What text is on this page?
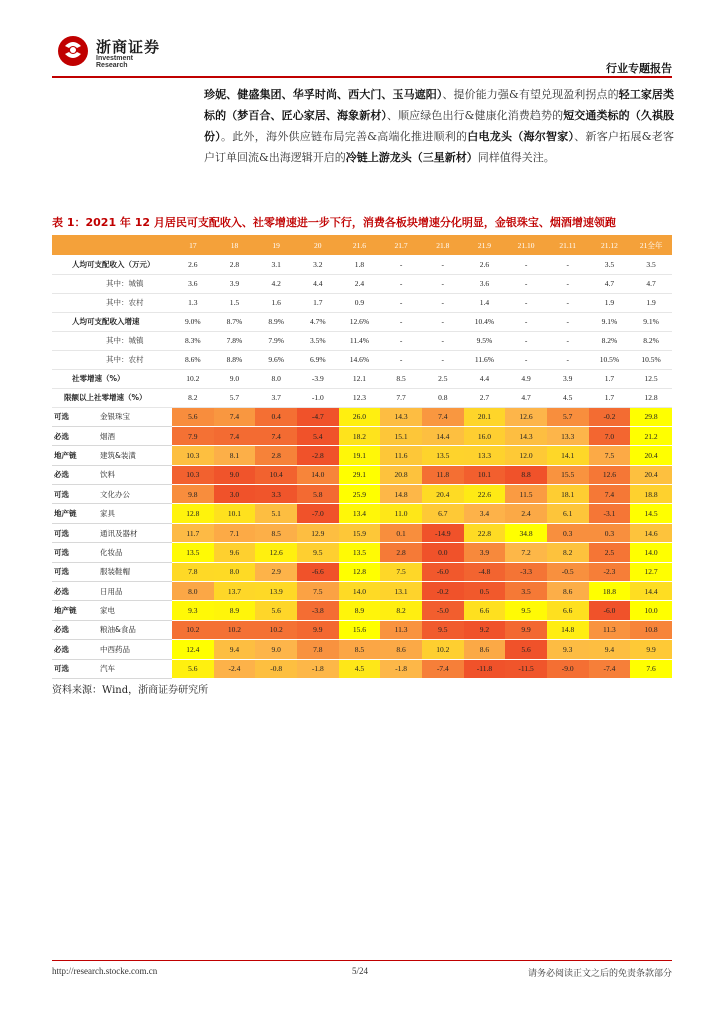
浙商证券
Investment Research	行业专题报告
珍妮、健盛集团、华孚时尚、西大门、玉马遮阳）、提价能力强&有望兑现盈利拐点的轻工家居类标的（梦百合、匠心家居、海象新材）、顺应绿色出行&健康化消费趋势的短交通类标的（久祺股份）。此外，海外供应链布局完善&高端化推进顺利的白电龙头（海尔智家）、新客户拓展&老客户订单回流&出海逻辑开启的冷链上游龙头（三星新材）同样值得关注。
表 1：2021 年 12 月居民可支配收入、社零增速进一步下行，消费各板块增速分化明显，金银珠宝、烟酒增速领跑
		17	18	19	20	21.6	21.7	21.8	21.9	21.10	21.11	21.12	21全年
人均可支配收入（万元）		2.6	2.8	3.1	3.2	1.8	-	-	2.6	-	-	3.5	3.5
其中：城镇		3.6	3.9	4.2	4.4	2.4	-	-	3.6	-	-	4.7	4.7
其中：农村		1.3	1.5	1.6	1.7	0.9	-	-	1.4	-	-	1.9	1.9
人均可支配收入增速		9.0%	8.7%	8.9%	4.7%	12.6%	-	-	10.4%	-	-	9.1%	9.1%
其中：城镇		8.3%	7.8%	7.9%	3.5%	11.4%	-	-	9.5%	-	-	8.2%	8.2%
其中：农村		8.6%	8.8%	9.6%	6.9%	14.6%	-	-	11.6%	-	-	10.5%	10.5%
社零增速（%）		10.2	9.0	8.0	-3.9	12.1	8.5	2.5	4.4	4.9	3.9	1.7	12.5
限额以上社零增速（%）		8.2	5.7	3.7	-1.0	12.3	7.7	0.8	2.7	4.7	4.5	1.7	12.8
可选	金银珠宝	5.6	7.4	0.4	-4.7	26.0	14.3	7.4	20.1	12.6	5.7	-0.2	29.8
必选	烟酒	7.9	7.4	7.4	5.4	18.2	15.1	14.4	16.0	14.3	13.3	7.0	21.2
地产链	建筑&装潢	10.3	8.1	2.8	-2.8	19.1	11.6	13.5	13.3	12.0	14.1	7.5	20.4
必选	饮料	10.3	9.0	10.4	14.0	29.1	20.8	11.8	10.1	8.8	15.5	12.6	20.4
可选	文化办公	9.8	3.0	3.3	5.8	25.9	14.8	20.4	22.6	11.5	18.1	7.4	18.8
地产链	家具	12.8	10.1	5.1	-7.0	13.4	11.0	6.7	3.4	2.4	6.1	-3.1	14.5
可选	通讯及器材	11.7	7.1	8.5	12.9	15.9	0.1	-14.9	22.8	34.8	0.3	0.3	14.6
可选	化妆品	13.5	9.6	12.6	9.5	13.5	2.8	0.0	3.9	7.2	8.2	2.5	14.0
可选	服装鞋帽	7.8	8.0	2.9	-6.6	12.8	7.5	-6.0	-4.8	-3.3	-0.5	-2.3	12.7
必选	日用品	8.0	13.7	13.9	7.5	14.0	13.1	-0.2	0.5	3.5	8.6	18.8	14.4
地产链	家电	9.3	8.9	5.6	-3.8	8.9	8.2	-5.0	6.6	9.5	6.6	-6.0	10.0
必选	粮油&食品	10.2	10.2	10.2	9.9	15.6	11.3	9.5	9.2	9.9	14.8	11.3	10.8
必选	中西药品	12.4	9.4	9.0	7.8	8.5	8.6	10.2	8.6	5.6	9.3	9.4	9.9
可选	汽车	5.6	-2.4	-0.8	-1.8	4.5	-1.8	-7.4	-11.8	-11.5	-9.0	-7.4	7.6
资料来源：Wind，浙商证券研究所
http://research.stocke.com.cn	5/24	请务必阅读正文之后的免责条款部分
